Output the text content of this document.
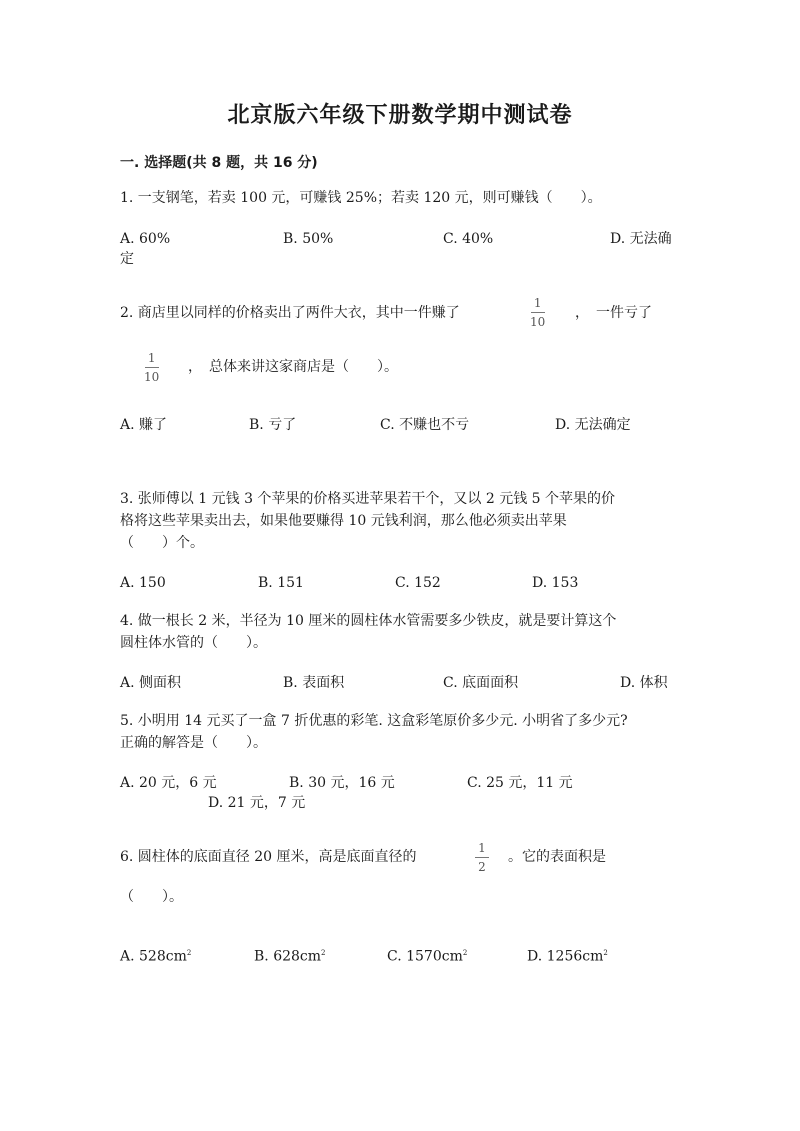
北京版六年级下册数学期中测试卷
一. 选择题(共 8 题，共 16 分)
1. 一支钢笔，若卖 100 元，可赚钱 25%；若卖 120 元，则可赚钱（　　）。
A. 60%	B. 50%	C. 40%	D. 无法确
定
2. 商店里以同样的价格卖出了两件大衣，其中一件赚了
1
10
，　一件亏了
1
10
，　总体来讲这家商店是（　　）。
A. 赚了	B. 亏了	C. 不赚也不亏	D. 无法确定
3. 张师傅以 1 元钱 3 个苹果的价格买进苹果若干个，又以 2 元钱 5 个苹果的价
格将这些苹果卖出去，如果他要赚得 10 元钱利润，那么他必须卖出苹果
（　　）个。
A. 150	B. 151	C. 152	D. 153
4. 做一根长 2 米，半径为 10 厘米的圆柱体水管需要多少铁皮，就是要计算这个
圆柱体水管的（　　）。
A. 侧面积	B. 表面积	C. 底面面积	D. 体积
5. 小明用 14 元买了一盒 7 折优惠的彩笔. 这盒彩笔原价多少元. 小明省了多少元?
正确的解答是（　　）。
A. 20 元，6 元	B. 30 元，16 元	C. 25 元，11 元
D. 21 元，7 元
6. 圆柱体的底面直径 20 厘米，高是底面直径的
1
2
。它的表面积是
（　　）。
A. $528cm^2$	B. $628cm^2$	C. $1570cm^2$	D. $1256cm^2$
